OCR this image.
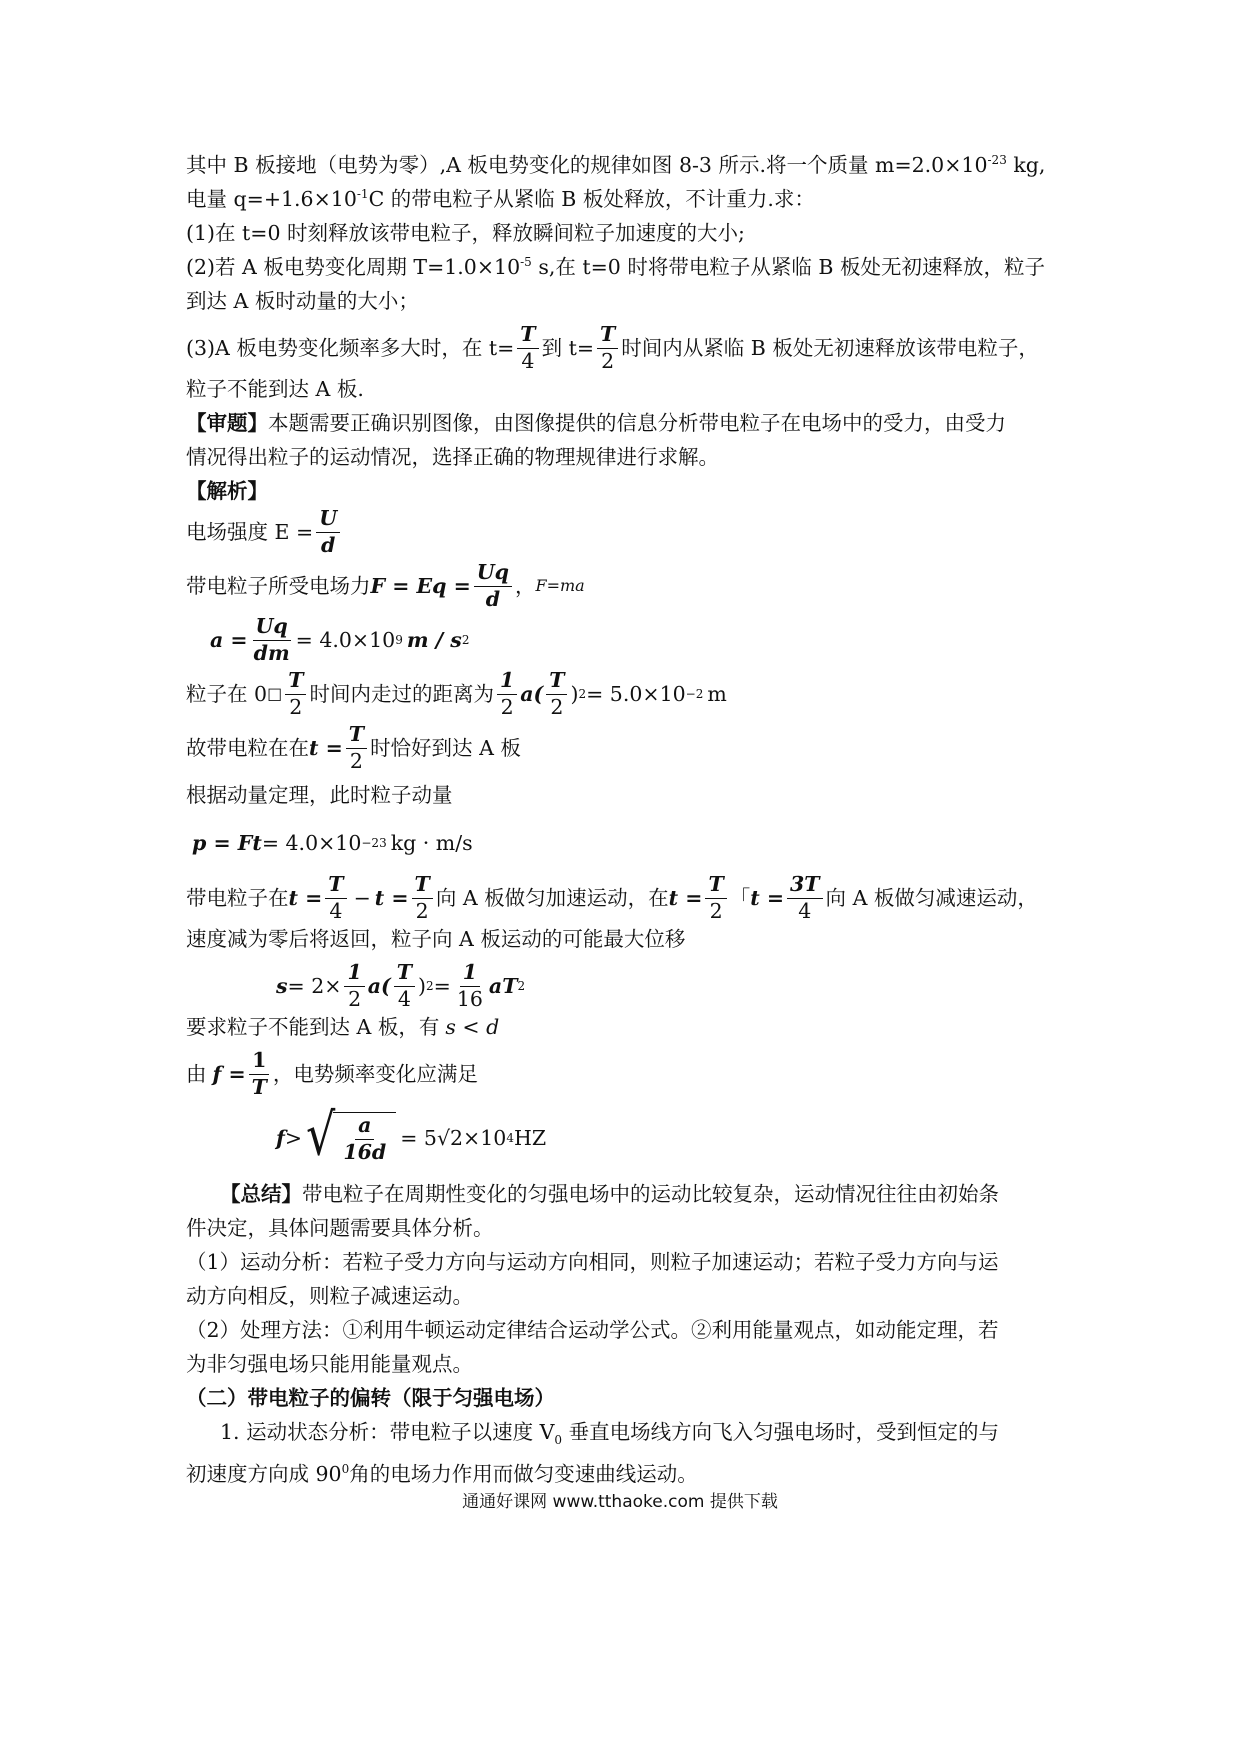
其中 B 板接地（电势为零）,A 板电势变化的规律如图 8-3 所示.将一个质量 $m=2.0\times 10^{-23}$ kg,

电量 $q=+1.6\times 10^{-1}C$ 的带电粒子从紧临 B 板处释放，不计重力.求：

(1)在 t=0 时刻释放该带电粒子，释放瞬间粒子加速度的大小;

(2)若 A 板电势变化周期 $T=1.0\times 10^{-5}$ s,在 t=0 时将带电粒子从紧临 B 板处无初速释放，粒子

到达 A 板时动量的大小；

(3)A 板电势变化频率多大时，在 $t= \frac{T}{4}$ 到 $t= \frac{T}{2}$ 时间内从紧临 B 板处无初速释放该带电粒子，

粒子不能到达 A 板.

【审题】本题需要正确识别图像，由图像提供的信息分析带电粒子在电场中的受力，由受力

情况得出粒子的运动情况，选择正确的物理规律进行求解。

【解析】

电场强度 $E = \frac{U}{d}$
带电粒子所受电场力 $F = Eq = \frac{Uq}{d}$ ， F=ma
$a = \frac{Uq}{dm} = 4.0\times 10$ 9 m / s 2
粒子在 0 □ $\frac{T}{2}$ 时间内走过的距离为 $\frac{1}{2} a( \frac{T}{2}$ ) 2 = 5.0×10 −2 m
故带电粒在在 $t = \frac{T}{2}$ 时恰好到达 A 板

根据动量定理，此时粒子动量

p = Ft = 4.0×10 −23 kg · m/s
带电粒子在 $t = \frac{T}{4} - t = \frac{T}{2}$ 向 A 板做匀加速运动，在 $t = \frac{T}{2}$ 「 $t = \frac{3T}{4}$ 向 A 板做匀减速运动，

速度减为零后将返回，粒子向 A 板运动的可能最大位移

$s = 2\times \frac{1}{2} a( \frac{T}{4}$ ) $2 = \frac{1}{16}$ aT 2
要求粒子不能到达 A 板，有 s < d
由 $f = \frac{1}{T}$ ，电势频率变化应满足
f > √ $\frac{a}{16d} = 5√2\times 10$ 4 HZ

【总结】带电粒子在周期性变化的匀强电场中的运动比较复杂，运动情况往往由初始条

件决定，具体问题需要具体分析。

（1）运动分析：若粒子受力方向与运动方向相同，则粒子加速运动；若粒子受力方向与运

动方向相反，则粒子减速运动。

（2）处理方法：①利用牛顿运动定律结合运动学公式。②利用能量观点，如动能定理，若

为非匀强电场只能用能量观点。

（二）带电粒子的偏转（限于匀强电场）

1. 运动状态分析：带电粒子以速度 $V_0$ 垂直电场线方向飞入匀强电场时，受到恒定的与

初速度方向成 $90^0$角的电场力作用而做匀变速曲线运动。

通通好课网 www.tthaoke.com 提供下载
